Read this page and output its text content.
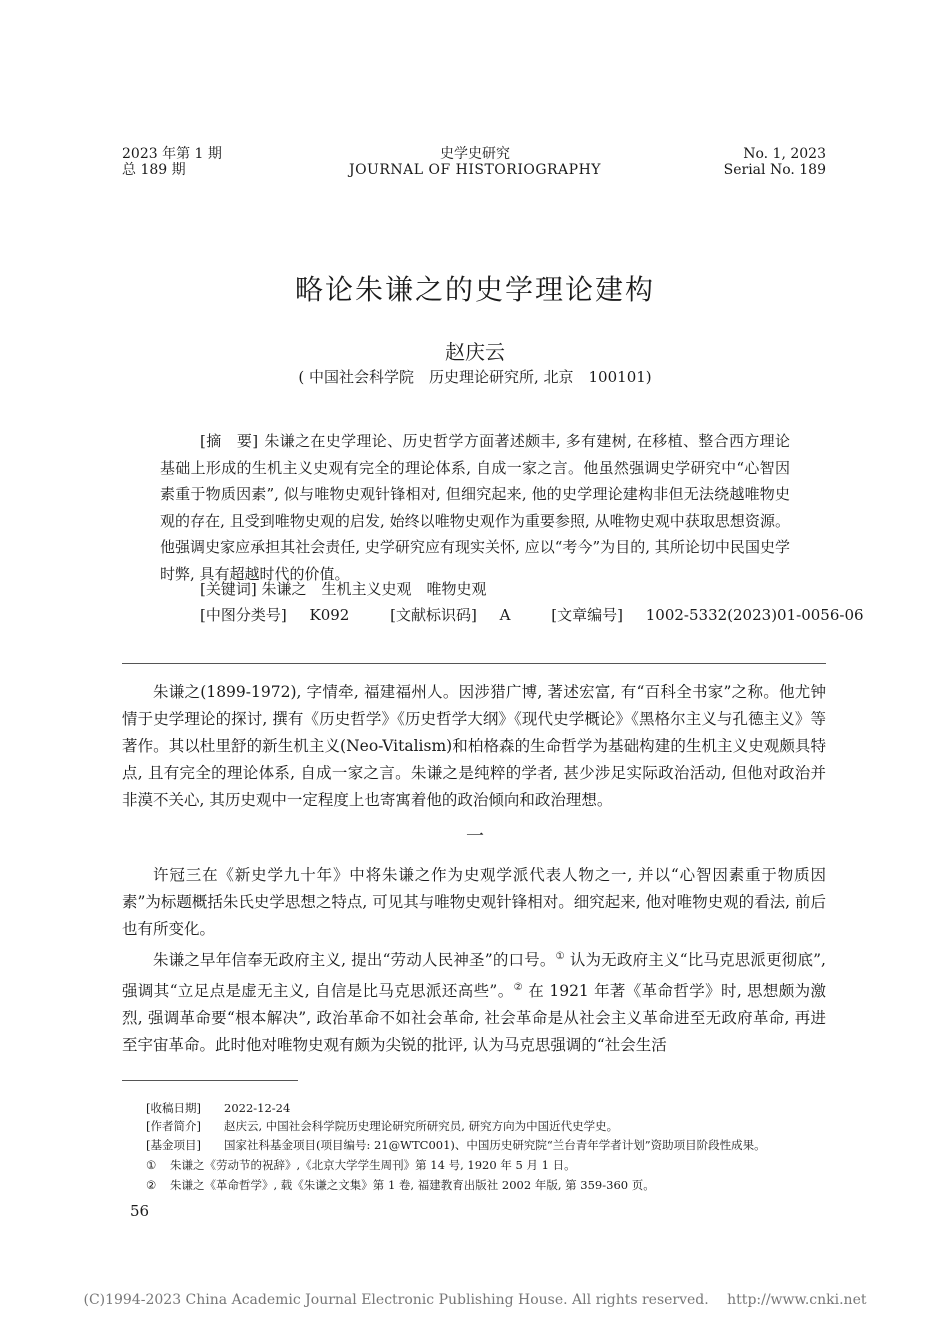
2023 年第 1 期
总 189 期
史学史研究
JOURNAL OF HISTORIOGRAPHY
No. 1, 2023
Serial No. 189
略论朱谦之的史学理论建构
赵庆云
( 中国社会科学院　历史理论研究所, 北京　100101)
[摘　要] 朱谦之在史学理论、历史哲学方面著述颇丰, 多有建树, 在移植、整合西方理论基础上形成的生机主义史观有完全的理论体系, 自成一家之言。他虽然强调史学研究中“心智因素重于物质因素”, 似与唯物史观针锋相对, 但细究起来, 他的史学理论建构非但无法绕越唯物史观的存在, 且受到唯物史观的启发, 始终以唯物史观作为重要参照, 从唯物史观中获取思想资源。他强调史家应承担其社会责任, 史学研究应有现实关怀, 应以“考今”为目的, 其所论切中民国史学时弊, 具有超越时代的价值。
[关键词] 朱谦之　生机主义史观　唯物史观
[中图分类号] K092	[文献标识码] A	[文章编号] 1002-5332(2023)01-0056-06
朱谦之(1899-1972), 字情牵, 福建福州人。因涉猎广博, 著述宏富, 有“百科全书家”之称。他尤钟情于史学理论的探讨, 撰有《历史哲学》《历史哲学大纲》《现代史学概论》《黑格尔主义与孔德主义》等著作。其以杜里舒的新生机主义(Neo-Vitalism)和柏格森的生命哲学为基础构建的生机主义史观颇具特点, 且有完全的理论体系, 自成一家之言。朱谦之是纯粹的学者, 甚少涉足实际政治活动, 但他对政治并非漠不关心, 其历史观中一定程度上也寄寓着他的政治倾向和政治理想。
一
许冠三在《新史学九十年》中将朱谦之作为史观学派代表人物之一, 并以“心智因素重于物质因素”为标题概括朱氏史学思想之特点, 可见其与唯物史观针锋相对。细究起来, 他对唯物史观的看法, 前后也有所变化。
朱谦之早年信奉无政府主义, 提出“劳动人民神圣”的口号。① 认为无政府主义“比马克思派更彻底”, 强调其“立足点是虚无主义, 自信是比马克思派还高些”。② 在 1921 年著《革命哲学》时, 思想颇为激烈, 强调革命要“根本解决”, 政治革命不如社会革命, 社会革命是从社会主义革命进至无政府革命, 再进至宇宙革命。此时他对唯物史观有颇为尖锐的批评, 认为马克思强调的“社会生活
[收稿日期] 2022-12-24
[作者简介] 赵庆云, 中国社会科学院历史理论研究所研究员, 研究方向为中国近代史学史。
[基金项目] 国家社科基金项目(项目编号: 21@WTC001)、中国历史研究院“兰台青年学者计划”资助项目阶段性成果。
① 朱谦之《劳动节的祝辞》,《北京大学学生周刊》第 14 号, 1920 年 5 月 1 日。
② 朱谦之《革命哲学》, 载《朱谦之文集》第 1 卷, 福建教育出版社 2002 年版, 第 359-360 页。
56
(C)1994-2023 China Academic Journal Electronic Publishing House. All rights reserved.　 http://www.cnki.net
